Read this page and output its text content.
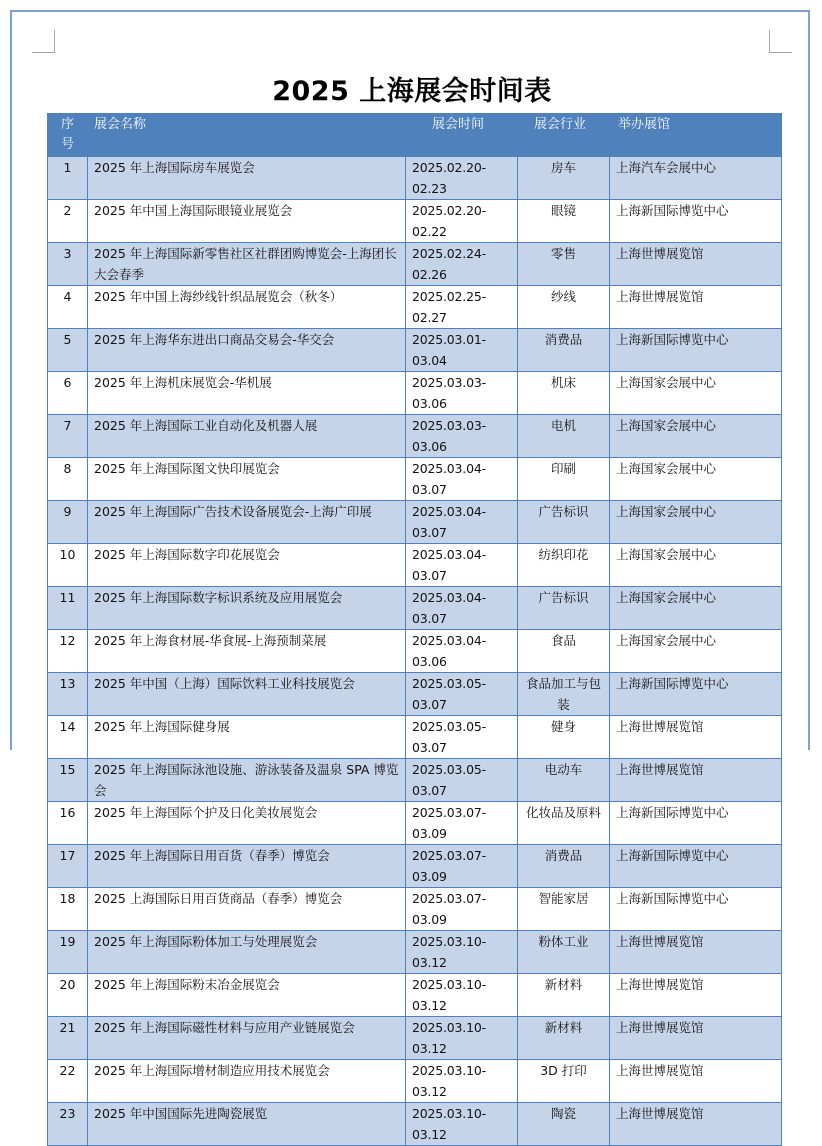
2025 上海展会时间表
序号	展会名称	展会时间	展会行业	举办展馆
1	2025 年上海国际房车展览会	2025.02.20-02.23	房车	上海汽车会展中心
2	2025 年中国上海国际眼镜业展览会	2025.02.20-02.22	眼镜	上海新国际博览中心
3	2025 年上海国际新零售社区社群团购博览会-上海团长大会春季	2025.02.24-02.26	零售	上海世博展览馆
4	2025 年中国上海纱线针织品展览会（秋冬）	2025.02.25-02.27	纱线	上海世博展览馆
5	2025 年上海华东进出口商品交易会-华交会	2025.03.01-03.04	消费品	上海新国际博览中心
6	2025 年上海机床展览会-华机展	2025.03.03-03.06	机床	上海国家会展中心
7	2025 年上海国际工业自动化及机器人展	2025.03.03-03.06	电机	上海国家会展中心
8	2025 年上海国际图文快印展览会	2025.03.04-03.07	印刷	上海国家会展中心
9	2025 年上海国际广告技术设备展览会-上海广印展	2025.03.04-03.07	广告标识	上海国家会展中心
10	2025 年上海国际数字印花展览会	2025.03.04-03.07	纺织印花	上海国家会展中心
11	2025 年上海国际数字标识系统及应用展览会	2025.03.04-03.07	广告标识	上海国家会展中心
12	2025 年上海食材展-华食展-上海预制菜展	2025.03.04-03.06	食品	上海国家会展中心
13	2025 年中国（上海）国际饮料工业科技展览会	2025.03.05-03.07	食品加工与包装	上海新国际博览中心
14	2025 年上海国际健身展	2025.03.05-03.07	健身	上海世博展览馆
15	2025 年上海国际泳池设施、游泳装备及温泉 SPA 博览会	2025.03.05-03.07	电动车	上海世博展览馆
16	2025 年上海国际个护及日化美妆展览会	2025.03.07-03.09	化妆品及原料	上海新国际博览中心
17	2025 年上海国际日用百货（春季）博览会	2025.03.07-03.09	消费品	上海新国际博览中心
18	2025 上海国际日用百货商品（春季）博览会	2025.03.07-03.09	智能家居	上海新国际博览中心
19	2025 年上海国际粉体加工与处理展览会	2025.03.10-03.12	粉体工业	上海世博展览馆
20	2025 年上海国际粉末冶金展览会	2025.03.10-03.12	新材料	上海世博展览馆
21	2025 年上海国际磁性材料与应用产业链展览会	2025.03.10-03.12	新材料	上海世博展览馆
22	2025 年上海国际增材制造应用技术展览会	2025.03.10-03.12	3D 打印	上海世博展览馆
23	2025 年中国国际先进陶瓷展览	2025.03.10-03.12	陶瓷	上海世博展览馆
